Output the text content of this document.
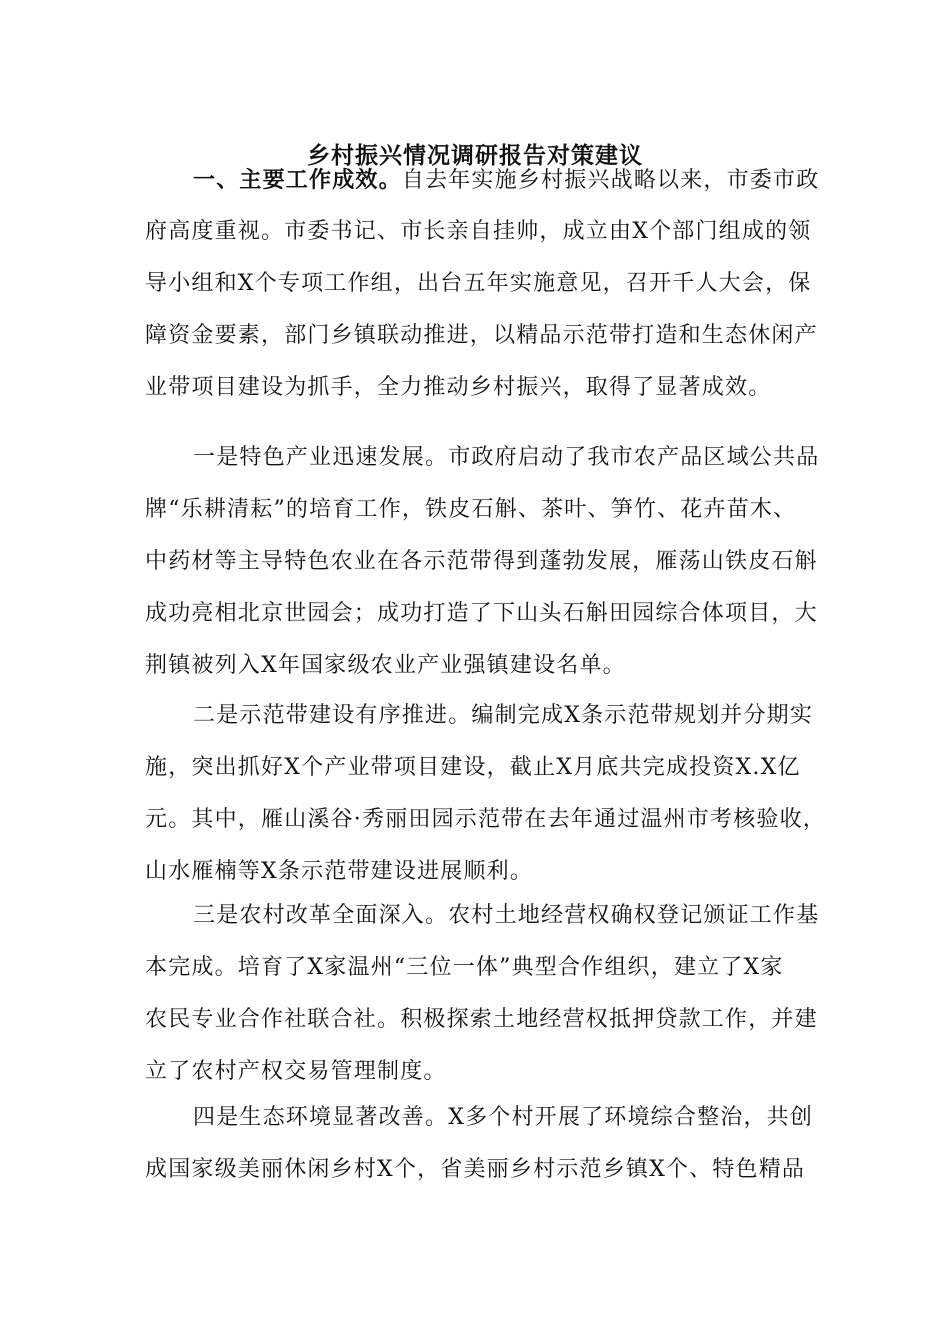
乡村振兴情况调研报告对策建议
一、主要工作成效。自去年实施乡村振兴战略以来，市委市政
府高度重视。市委书记、市长亲自挂帅，成立由X个部门组成的领
导小组和X个专项工作组，出台五年实施意见，召开千人大会，保
障资金要素，部门乡镇联动推进，以精品示范带打造和生态休闲产
业带项目建设为抓手，全力推动乡村振兴，取得了显著成效。
一是特色产业迅速发展。市政府启动了我市农产品区域公共品
牌“乐耕清耘”的培育工作，铁皮石斛、茶叶、笋竹、花卉苗木、
中药材等主导特色农业在各示范带得到蓬勃发展，雁荡山铁皮石斛
成功亮相北京世园会；成功打造了下山头石斛田园综合体项目，大
荆镇被列入X年国家级农业产业强镇建设名单。
二是示范带建设有序推进。编制完成X条示范带规划并分期实
施，突出抓好X个产业带项目建设，截止X月底共完成投资X.X亿
元。其中，雁山溪谷·秀丽田园示范带在去年通过温州市考核验收，
山水雁楠等X条示范带建设进展顺利。
三是农村改革全面深入。农村土地经营权确权登记颁证工作基
本完成。培育了X家温州“三位一体”典型合作组织，建立了X家
农民专业合作社联合社。积极探索土地经营权抵押贷款工作，并建
立了农村产权交易管理制度。
四是生态环境显著改善。X多个村开展了环境综合整治，共创
成国家级美丽休闲乡村X个，省美丽乡村示范乡镇X个、特色精品
